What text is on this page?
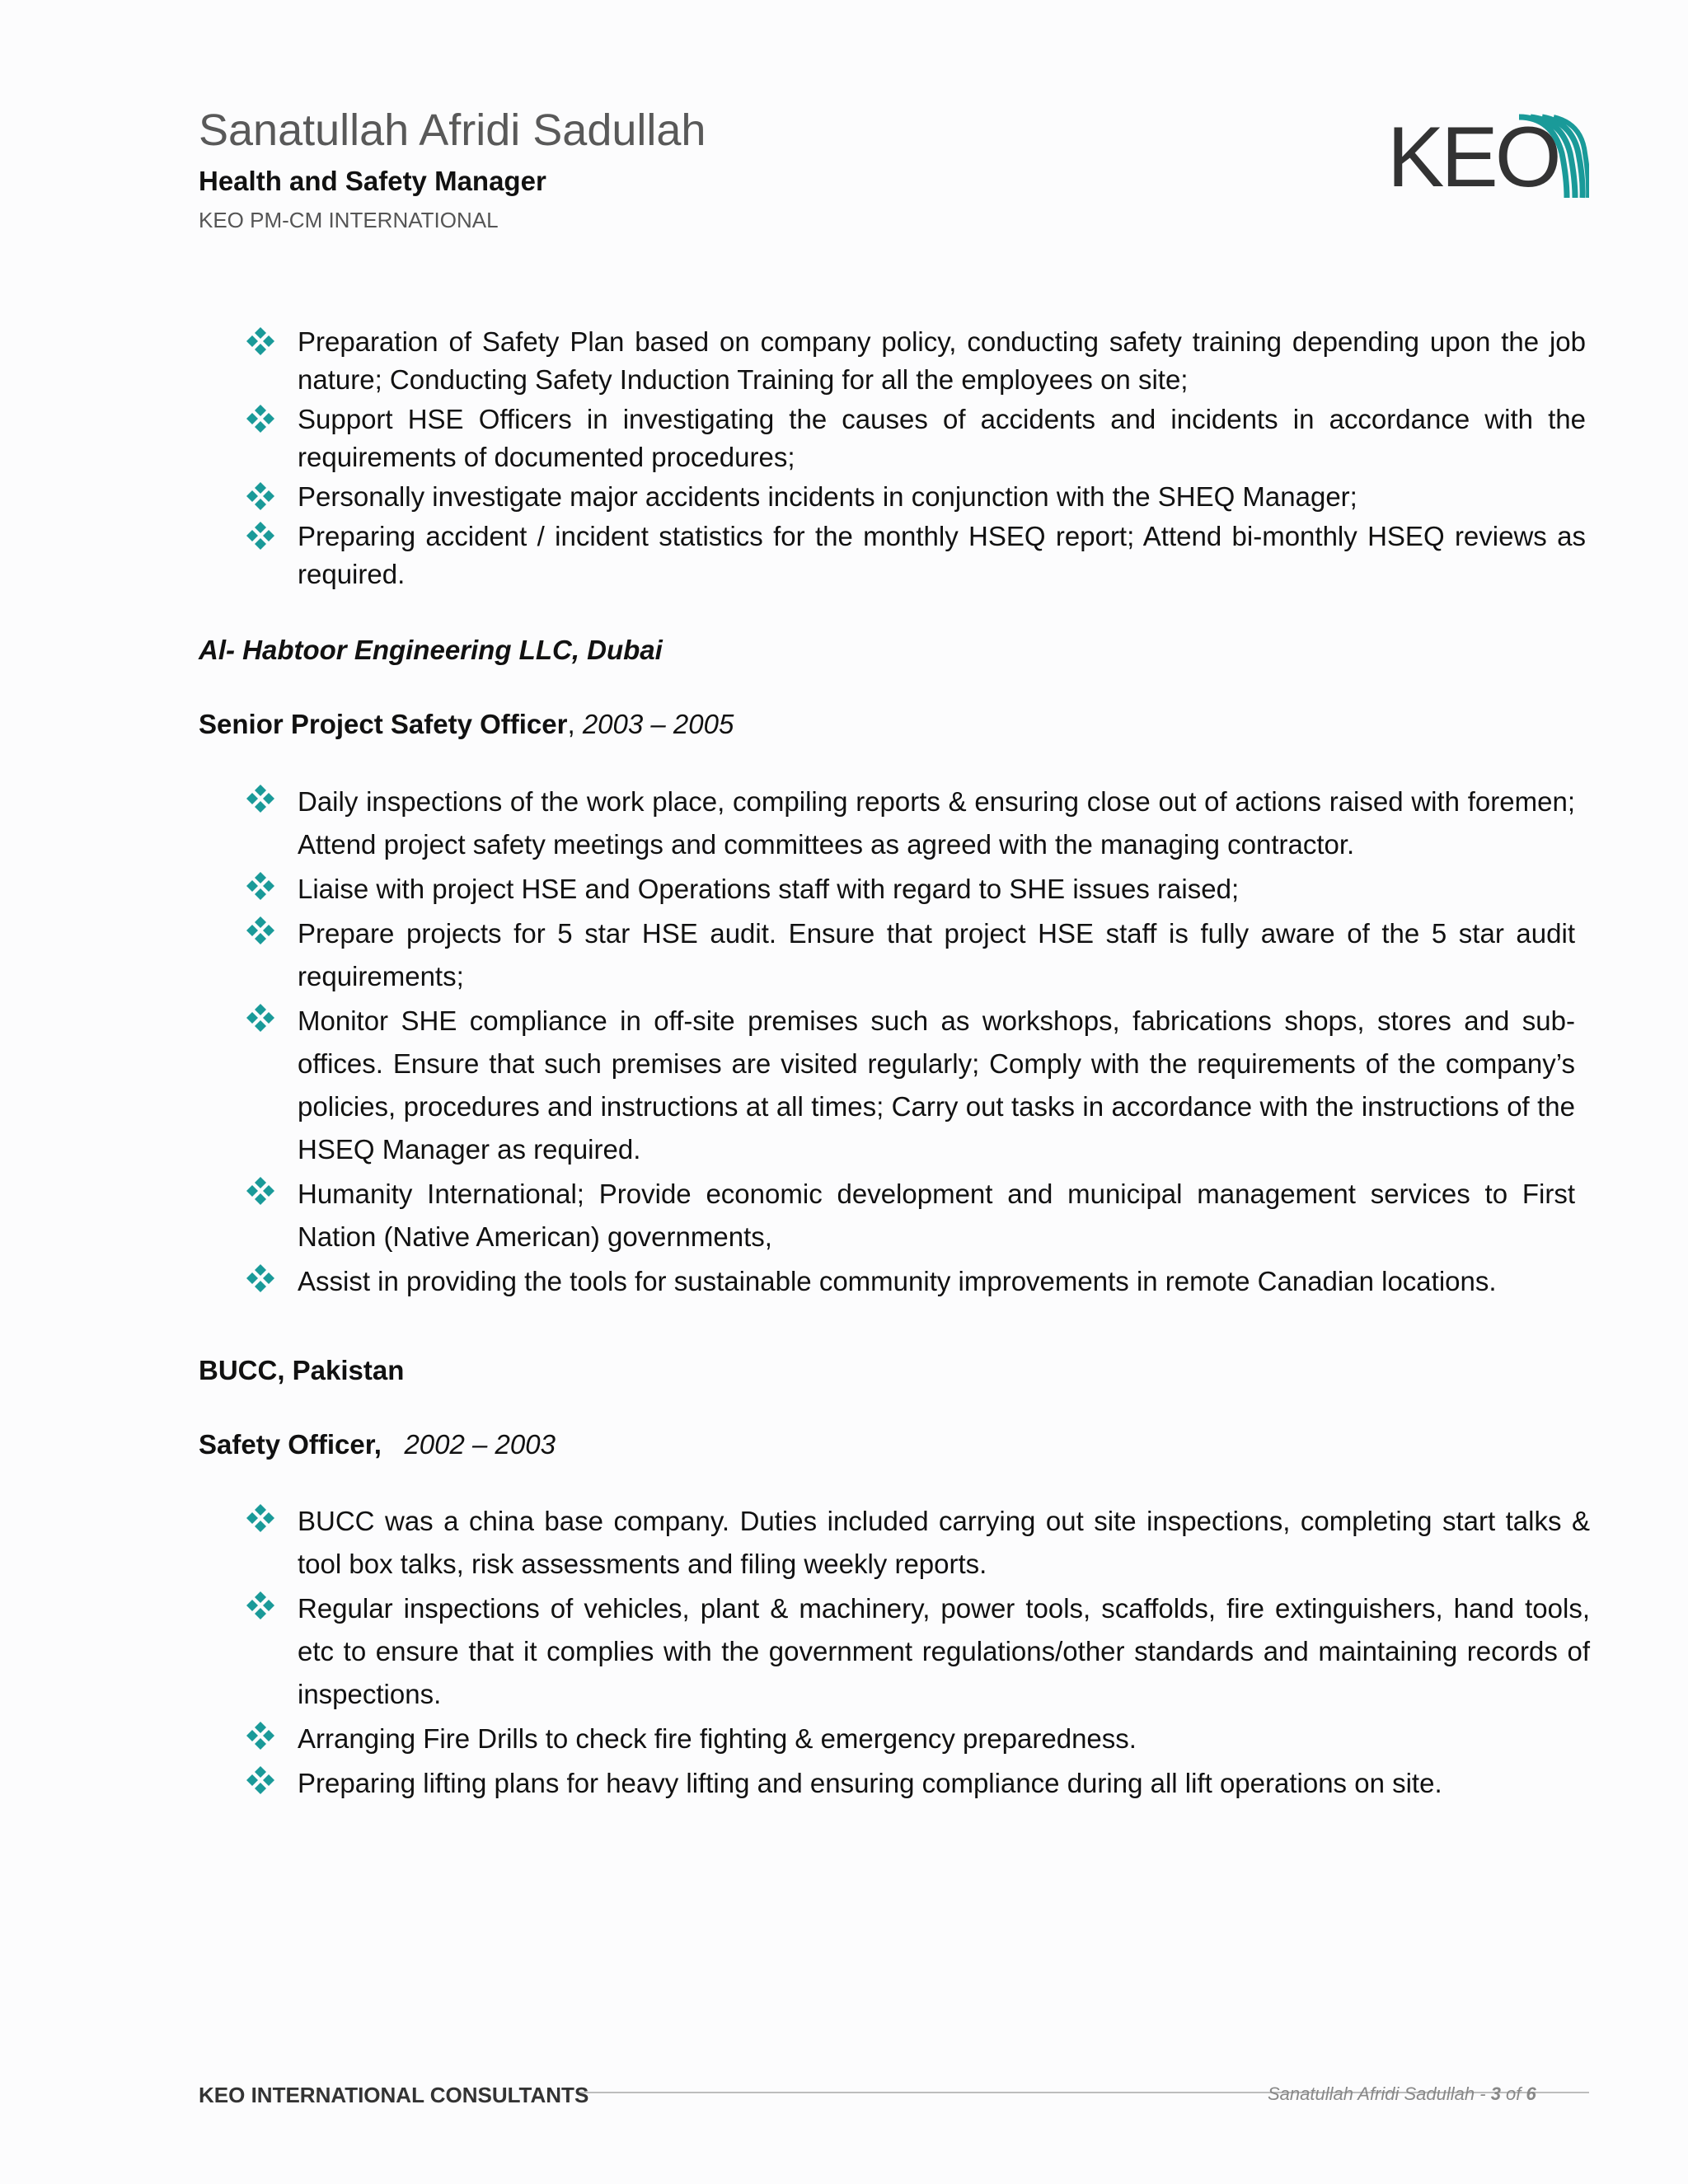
Sanatullah Afridi Sadullah
Health and Safety Manager
KEO PM-CM INTERNATIONAL
KEO
Preparation of Safety Plan based on company policy, conducting safety training depending upon the job nature; Conducting Safety Induction Training for all the employees on site;
Support HSE Officers in investigating the causes of accidents and incidents in accordance with the requirements of documented procedures;
Personally investigate major accidents incidents in conjunction with the SHEQ Manager;
Preparing accident / incident statistics for the monthly HSEQ report; Attend bi-monthly HSEQ reviews as required.
Al- Habtoor Engineering LLC, Dubai
Senior Project Safety Officer, 2003 – 2005
Daily inspections of the work place, compiling reports & ensuring close out of actions raised with foremen; Attend project safety meetings and committees as agreed with the managing contractor.
Liaise with project HSE and Operations staff with regard to SHE issues raised;
Prepare projects for 5 star HSE audit. Ensure that project HSE staff is fully aware of the 5 star audit requirements;
Monitor SHE compliance in off-site premises such as workshops, fabrications shops, stores and sub-offices. Ensure that such premises are visited regularly; Comply with the requirements of the company’s policies, procedures and instructions at all times; Carry out tasks in accordance with the instructions of the HSEQ Manager as required.
Humanity International; Provide economic development and municipal management services to First Nation (Native American) governments,
Assist in providing the tools for sustainable community improvements in remote Canadian locations.
BUCC, Pakistan
Safety Officer, 2002 – 2003
BUCC was a china base company. Duties included carrying out site inspections, completing start talks & tool box talks, risk assessments and filing weekly reports.
Regular inspections of vehicles, plant & machinery, power tools, scaffolds, fire extinguishers, hand tools, etc to ensure that it complies with the government regulations/other standards and maintaining records of inspections.
Arranging Fire Drills to check fire fighting & emergency preparedness.
Preparing lifting plans for heavy lifting and ensuring compliance during all lift operations on site.
KEO INTERNATIONAL CONSULTANTS	Sanatullah Afridi Sadullah - 3 of 6
